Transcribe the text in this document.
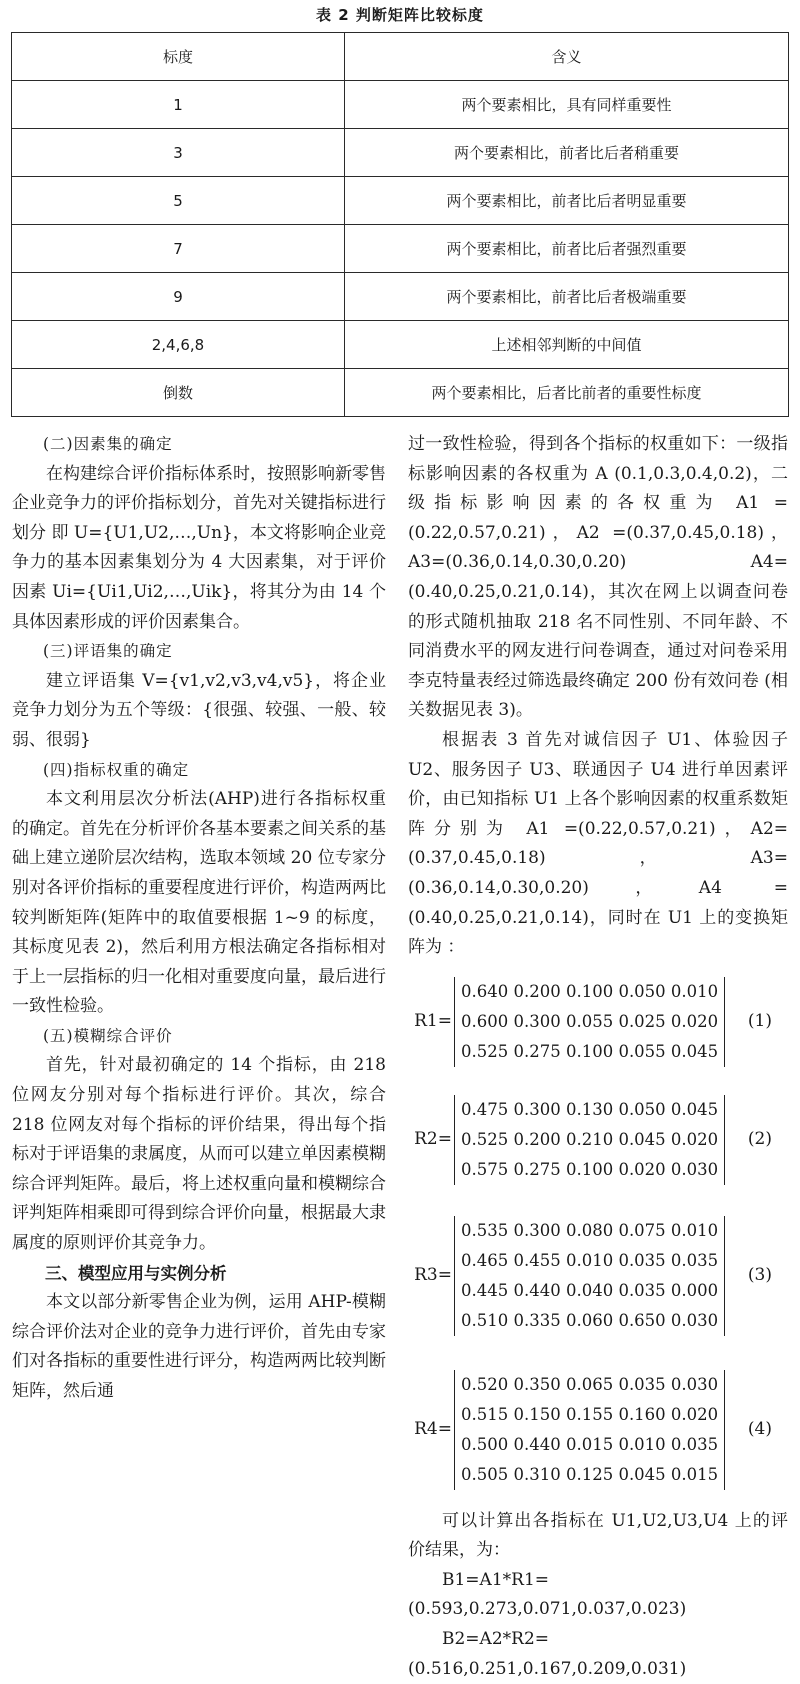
表 2 判断矩阵比较标度
标度	含义
1	两个要素相比，具有同样重要性
3	两个要素相比，前者比后者稍重要
5	两个要素相比，前者比后者明显重要
7	两个要素相比，前者比后者强烈重要
9	两个要素相比，前者比后者极端重要
2,4,6,8	上述相邻判断的中间值
倒数	两个要素相比，后者比前者的重要性标度

(二)因素集的确定

在构建综合评价指标体系时，按照影响新零售企业竞争力的评价指标划分，首先对关键指标进行划分 即 U={U1,U2,…,Un}，本文将影响企业竞争力的基本因素集划分为 4 大因素集，对于评价因素 Ui={Ui1,Ui2,…,Uik}，将其分为由 14 个具体因素形成的评价因素集合。

(三)评语集的确定

建立评语集 V={v1,v2,v3,v4,v5}，将企业竞争力划分为五个等级：{很强、较强、一般、较弱、很弱}

(四)指标权重的确定

本文利用层次分析法(AHP)进行各指标权重的确定。首先在分析评价各基本要素之间关系的基础上建立递阶层次结构，选取本领域 20 位专家分别对各评价指标的重要程度进行评价，构造两两比较判断矩阵(矩阵中的取值要根据 1~9 的标度，其标度见表 2)，然后利用方根法确定各指标相对于上一层指标的归一化相对重要度向量，最后进行一致性检验。

(五)模糊综合评价

首先，针对最初确定的 14 个指标，由 218 位网友分别对每个指标进行评价。其次，综合 218 位网友对每个指标的评价结果，得出每个指标对于评语集的隶属度，从而可以建立单因素模糊综合评判矩阵。最后，将上述权重向量和模糊综合评判矩阵相乘即可得到综合评价向量，根据最大隶属度的原则评价其竞争力。

三、模型应用与实例分析

本文以部分新零售企业为例，运用 AHP-模糊综合评价法对企业的竞争力进行评价，首先由专家们对各指标的重要性进行评分，构造两两比较判断矩阵，然后通

过一致性检验，得到各个指标的权重如下：一级指标影响因素的各权重为 A (0.1,0.3,0.4,0.2)，二级指标影响因素的各权重为 A1 =(0.22,0.57,0.21)，A2 =(0.37,0.45,0.18)，A3=(0.36,0.14,0.30,0.20) A4=(0.40,0.25,0.21,0.14)，其次在网上以调查问卷的形式随机抽取 218 名不同性别、不同年龄、不同消费水平的网友进行问卷调查，通过对问卷采用李克特量表经过筛选最终确定 200 份有效问卷 (相关数据见表 3)。

根据表 3 首先对诚信因子 U1、体验因子U2、服务因子 U3、联通因子 U4 进行单因素评价，由已知指标 U1 上各个影响因素的权重系数矩阵分别为 A1 =(0.22,0.57,0.21)，A2=(0.37,0.45,0.18)，A3=(0.36,0.14,0.30,0.20)，A4 =(0.40,0.25,0.21,0.14)，同时在 U1 上的变换矩阵为 ：

R1=
0.640 0.200 0.100 0.050 0.010
0.600 0.300 0.055 0.025 0.020
0.525 0.275 0.100 0.055 0.045
(1)
R2=
0.475 0.300 0.130 0.050 0.045
0.525 0.200 0.210 0.045 0.020
0.575 0.275 0.100 0.020 0.030
(2)
R3=
0.535 0.300 0.080 0.075 0.010
0.465 0.455 0.010 0.035 0.035
0.445 0.440 0.040 0.035 0.000
0.510 0.335 0.060 0.650 0.030
(3)
R4=
0.520 0.350 0.065 0.035 0.030
0.515 0.150 0.155 0.160 0.020
0.500 0.440 0.015 0.010 0.035
0.505 0.310 0.125 0.045 0.015
(4)

可以计算出各指标在 U1,U2,U3,U4 上的评价结果，为：

B1=A1*R1=(0.593,0.273,0.071,0.037,0.023)

B2=A2*R2=(0.516,0.251,0.167,0.209,0.031)
